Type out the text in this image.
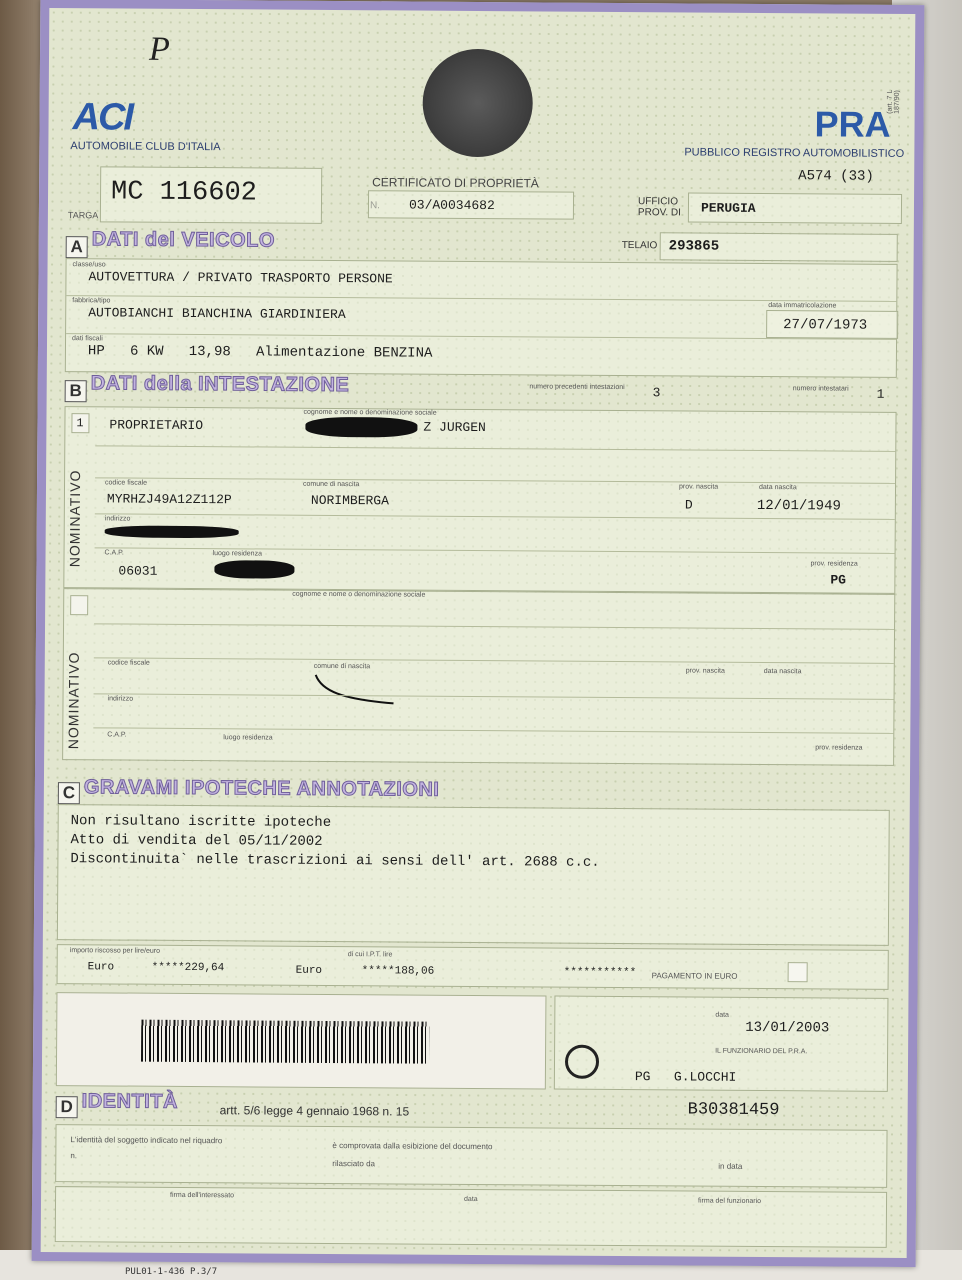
PUL01-1-436 P.3/7
P
ACI
AUTOMOBILE CLUB D'ITALIA
PRA
PUBBLICO REGISTRO AUTOMOBILISTICO
A574 (33)
(art. 7 L 187/90)
TARGA
MC 116602	CERTIFICATO DI PROPRIETÀ
03/A0034682	UFFICIO PROV. DI	PERUGIA
A DATI del VEICOLO	TELAIO 293865
classe/uso
AUTOVETTURA / PRIVATO TRASPORTO PERSONE
fabbrica/tipo
AUTOBIANCHI BIANCHINA GIARDINIERA	data immatricolazione
27/07/1973
dati fiscali
HP   6 KW   13,98   Alimentazione BENZINA
B DATI della INTESTAZIONE	numero precedenti intestazioni 3	numero intestatari	1
NOMINATIVO
1 PROPRIETARIO
cognome e nome o denominazione sociale
Z JURGEN
codice fiscale
MYRHZJ49A12Z112P
comune di nascita
NORIMBERGA
prov. nascita
D
data nascita
12/01/1949
indirizzo
C.A.P.
06031
luogo residenza
prov. residenza
PG
NOMINATIVO
cognome e nome o denominazione sociale
codice fiscale	comune di nascita
prov. nascita	data nascita
indirizzo
C.A.P.	luogo residenza
prov. residenza
C GRAVAMI IPOTECHE ANNOTAZIONI
Non risultano iscritte ipoteche
Atto di vendita del 05/11/2002
Discontinuita` nelle trascrizioni ai sensi dell' art. 2688 c.c.
importo riscosso per lire/euro
Euro	*****229,64	Euro
di cui I.P.T. lire
*****188,06	*********** PAGAMENTO IN EURO
data
13/01/2003
IL FUNZIONARIO DEL P.R.A.
PG   G.LOCCHI
D IDENTITÀ	artt. 5/6 legge 4 gennaio 1968 n. 15	B30381459
L'identità del soggetto indicato nel riquadro
è comprovata dalla esibizione del documento
n.
rilasciato da	in data
firma dell'interessato
data	firma del funzionario
